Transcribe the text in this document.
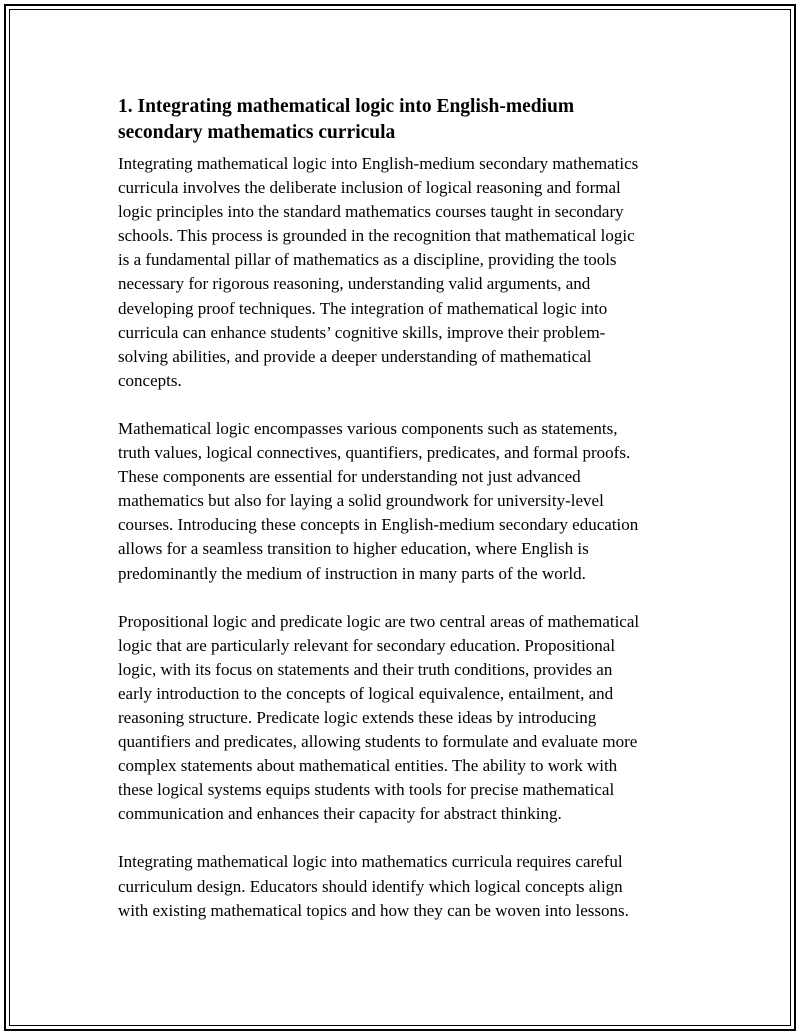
1. Integrating mathematical logic into English-medium
secondary mathematics curricula

Integrating mathematical logic into English-medium secondary mathematics
curricula involves the deliberate inclusion of logical reasoning and formal
logic principles into the standard mathematics courses taught in secondary
schools. This process is grounded in the recognition that mathematical logic
is a fundamental pillar of mathematics as a discipline, providing the tools
necessary for rigorous reasoning, understanding valid arguments, and
developing proof techniques. The integration of mathematical logic into
curricula can enhance students’ cognitive skills, improve their problem-
solving abilities, and provide a deeper understanding of mathematical
concepts.

Mathematical logic encompasses various components such as statements,
truth values, logical connectives, quantifiers, predicates, and formal proofs.
These components are essential for understanding not just advanced
mathematics but also for laying a solid groundwork for university-level
courses. Introducing these concepts in English-medium secondary education
allows for a seamless transition to higher education, where English is
predominantly the medium of instruction in many parts of the world.

Propositional logic and predicate logic are two central areas of mathematical
logic that are particularly relevant for secondary education. Propositional
logic, with its focus on statements and their truth conditions, provides an
early introduction to the concepts of logical equivalence, entailment, and
reasoning structure. Predicate logic extends these ideas by introducing
quantifiers and predicates, allowing students to formulate and evaluate more
complex statements about mathematical entities. The ability to work with
these logical systems equips students with tools for precise mathematical
communication and enhances their capacity for abstract thinking.

Integrating mathematical logic into mathematics curricula requires careful
curriculum design. Educators should identify which logical concepts align
with existing mathematical topics and how they can be woven into lessons.
